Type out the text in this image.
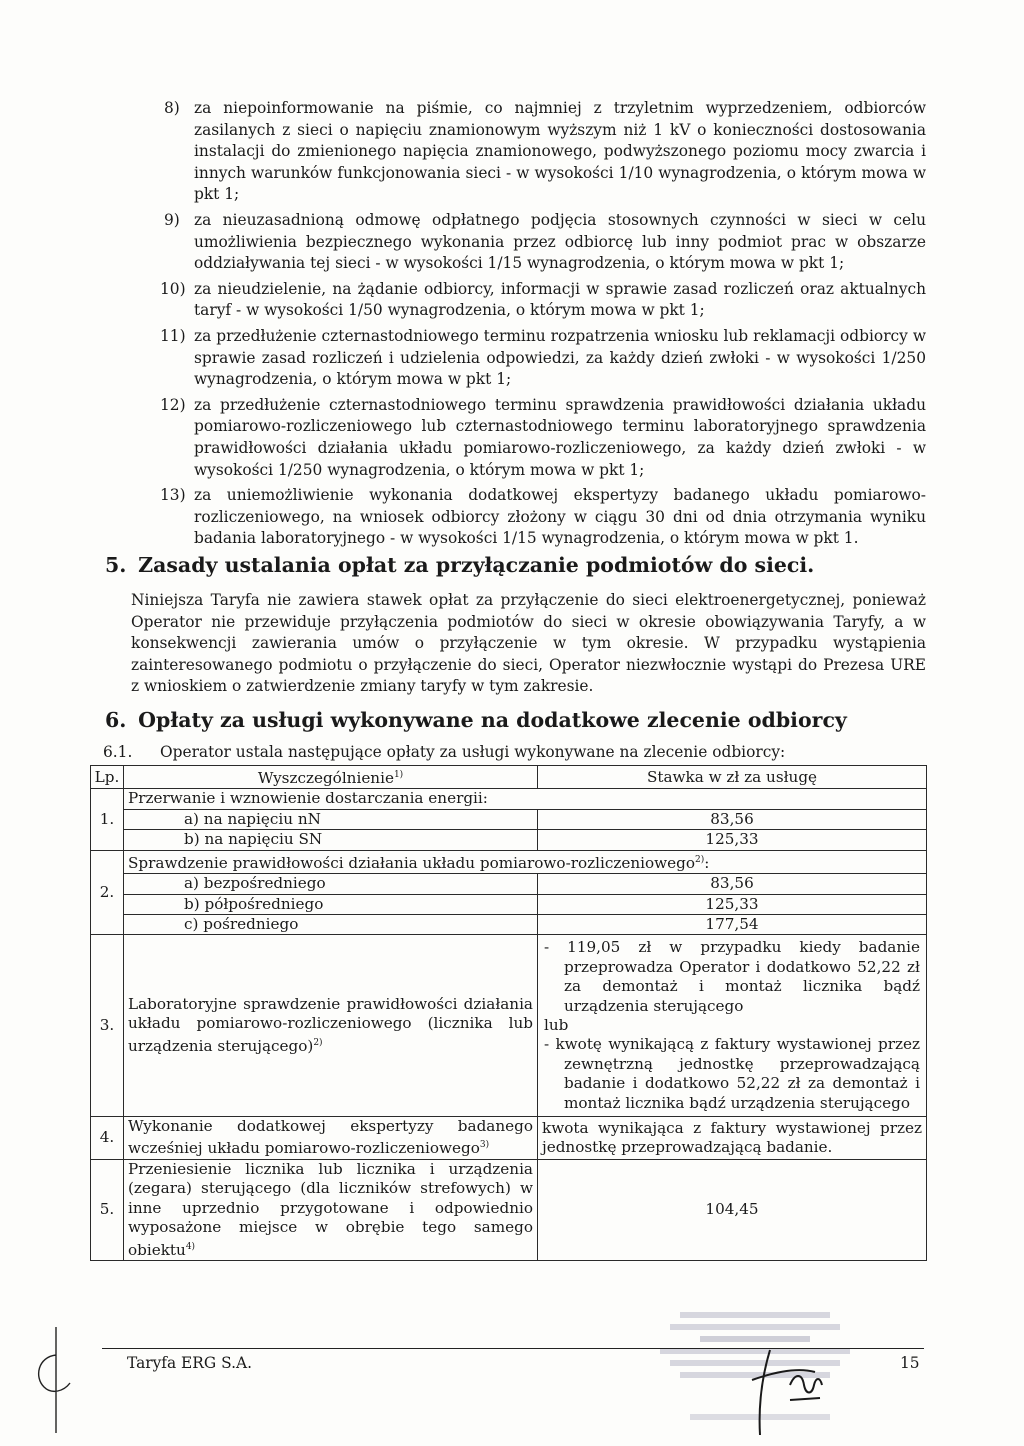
8) za niepoinformowanie na piśmie, co najmniej z trzyletnim wyprzedzeniem, odbiorców zasilanych z sieci o napięciu znamionowym wyższym niż 1 kV o konieczności dostosowania instalacji do zmienionego napięcia znamionowego, podwyższonego poziomu mocy zwarcia i innych warunków funkcjonowania sieci - w wysokości 1/10 wynagrodzenia, o którym mowa w pkt 1;
9) za nieuzasadnioną odmowę odpłatnego podjęcia stosownych czynności w sieci w celu umożliwienia bezpiecznego wykonania przez odbiorcę lub inny podmiot prac w obszarze oddziaływania tej sieci - w wysokości 1/15 wynagrodzenia, o którym mowa w pkt 1;
10) za nieudzielenie, na żądanie odbiorcy, informacji w sprawie zasad rozliczeń oraz aktualnych taryf - w wysokości 1/50 wynagrodzenia, o którym mowa w pkt 1;
11) za przedłużenie czternastodniowego terminu rozpatrzenia wniosku lub reklamacji odbiorcy w sprawie zasad rozliczeń i udzielenia odpowiedzi, za każdy dzień zwłoki - w wysokości 1/250 wynagrodzenia, o którym mowa w pkt 1;
12) za przedłużenie czternastodniowego terminu sprawdzenia prawidłowości działania układu pomiarowo-rozliczeniowego lub czternastodniowego terminu laboratoryjnego sprawdzenia prawidłowości działania układu pomiarowo-rozliczeniowego, za każdy dzień zwłoki - w wysokości 1/250 wynagrodzenia, o którym mowa w pkt 1;
13) za uniemożliwienie wykonania dodatkowej ekspertyzy badanego układu pomiarowo-rozliczeniowego, na wniosek odbiorcy złożony w ciągu 30 dni od dnia otrzymania wyniku badania laboratoryjnego - w wysokości 1/15 wynagrodzenia, o którym mowa w pkt 1.
5. Zasady ustalania opłat za przyłączanie podmiotów do sieci.
Niniejsza Taryfa nie zawiera stawek opłat za przyłączenie do sieci elektroenergetycznej, ponieważ Operator nie przewiduje przyłączenia podmiotów do sieci w okresie obowiązywania Taryfy, a w konsekwencji zawierania umów o przyłączenie w tym okresie. W przypadku wystąpienia zainteresowanego podmiotu o przyłączenie do sieci, Operator niezwłocznie wystąpi do Prezesa URE z wnioskiem o zatwierdzenie zmiany taryfy w tym zakresie.
6. Opłaty za usługi wykonywane na dodatkowe zlecenie odbiorcy
6.1. Operator ustala następujące opłaty za usługi wykonywane na zlecenie odbiorcy:
Lp.	Wyszczególnienie$^{1)}$	Stawka w zł za usługę
1.	Przerwanie i wznowienie dostarczania energii:	
	a) na napięciu nN	83,56
	b) na napięciu SN	125,33
2.	Sprawdzenie prawidłowości działania układu pomiarowo-rozliczeniowego$^{2)}$:	
	a) bezpośredniego	83,56
	b) półpośredniego	125,33
	c) pośredniego	177,54
3.	Laboratoryjne sprawdzenie prawidłowości działania układu pomiarowo-rozliczeniowego (licznika lub urządzenia sterującego)$^{2)}$	- 119,05 zł w przypadku kiedy badanie przeprowadza Operator i dodatkowo 52,22 zł za demontaż i montaż licznika bądź urządzenia sterującego
lub
- kwotę wynikającą z faktury wystawionej przez zewnętrzną jednostkę przeprowadzającą badanie i dodatkowo 52,22 zł za demontaż i montaż licznika bądź urządzenia sterującego

4.	Wykonanie dodatkowej ekspertyzy badanego wcześniej układu pomiarowo-rozliczeniowego$^{3)}$	kwota wynikająca z faktury wystawionej przez jednostkę przeprowadzającą badanie.
5.	Przeniesienie licznika lub licznika i urządzenia (zegara) sterującego (dla liczników strefowych) w inne uprzednio przygotowane i odpowiednio wyposażone miejsce w obrębie tego samego obiektu$^{4)}$	104,45
Taryfa ERG S.A.	15
